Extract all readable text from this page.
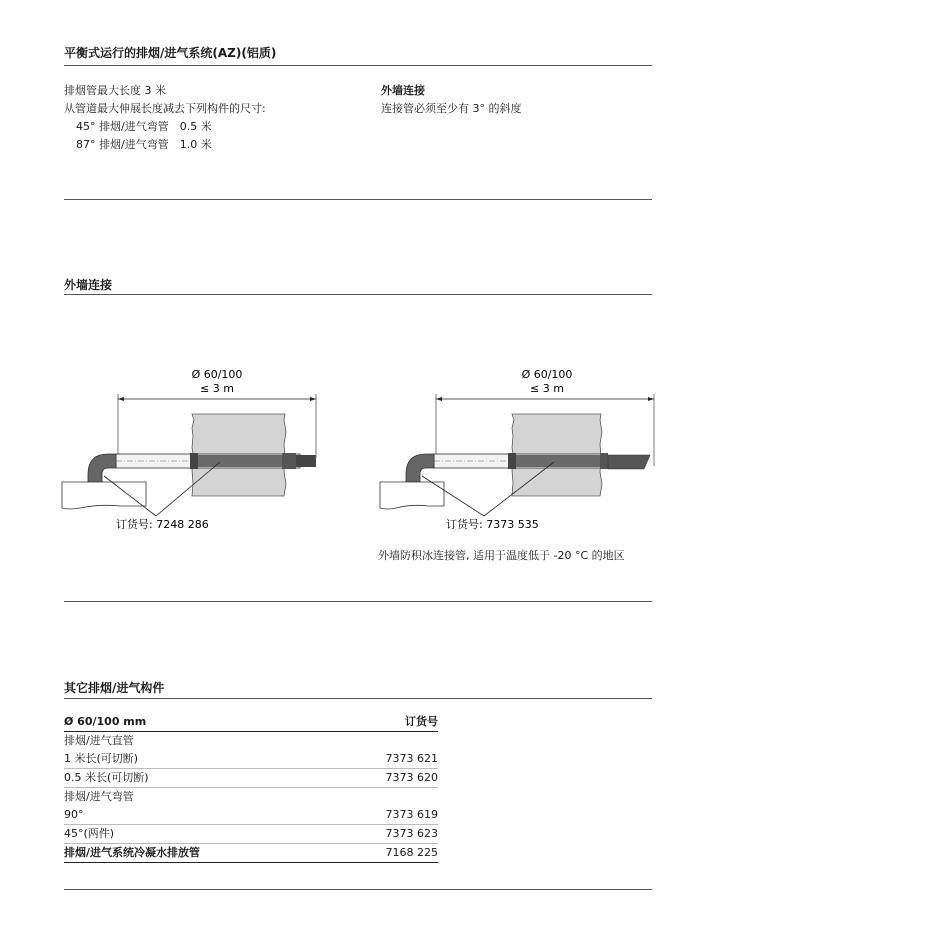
平衡式运行的排烟/进气系统(AZ)(铝质)
排烟管最大长度 3 米
从管道最大伸展长度减去下列构件的尺寸:
45° 排烟/进气弯管　0.5 米
87° 排烟/进气弯管　1.0 米
外墙连接
连接管必须至少有 3° 的斜度
外墙连接
Ø 60/100
≤ 3 m
订货号: 7248 286
Ø 60/100
≤ 3 m
订货号: 7373 535
外墙防积冰连接管, 适用于温度低于 -20 °C 的地区
其它排烟/进气构件
Ø 60/100 mm	订货号
排烟/进气直管	
1 米长(可切断)	7373 621
0.5 米长(可切断)	7373 620
排烟/进气弯管	
90°	7373 619
45°(两件)	7373 623
排烟/进气系统冷凝水排放管	7168 225
